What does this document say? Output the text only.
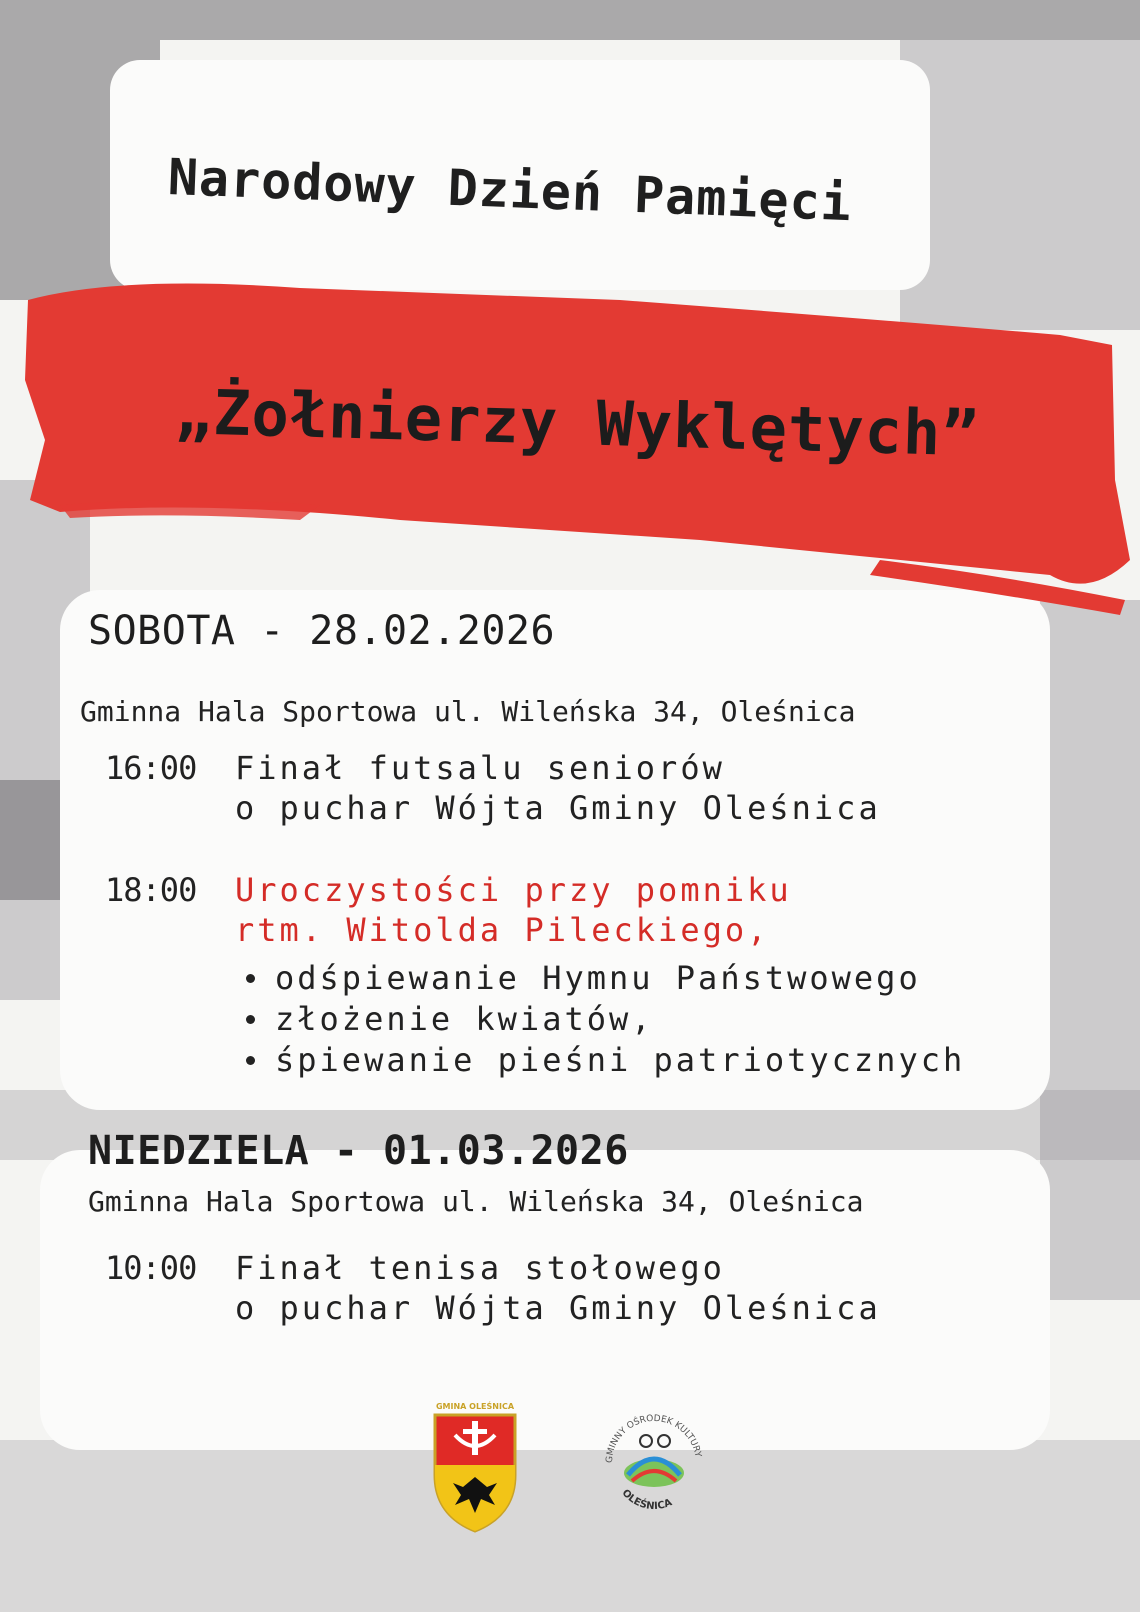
Narodowy Dzień Pamięci
„Żołnierzy Wyklętych”
SOBOTA - 28.02.2026
Gminna Hala Sportowa ul. Wileńska 34, Oleśnica
16:00	Finał futsalu seniorów
o puchar Wójta Gminy Oleśnica
18:00	Uroczystości przy pomniku
rtm. Witolda Pileckiego,
odśpiewanie Hymnu Państwowego
złożenie kwiatów,
śpiewanie pieśni patriotycznych
NIEDZIELA - 01.03.2026
Gminna Hala Sportowa ul. Wileńska 34, Oleśnica
10:00	Finał tenisa stołowego
o puchar Wójta Gminy Oleśnica
GMINA OLEŚNICA
GMINNY OŚRODEK KULTURY
OLEŚNICA
